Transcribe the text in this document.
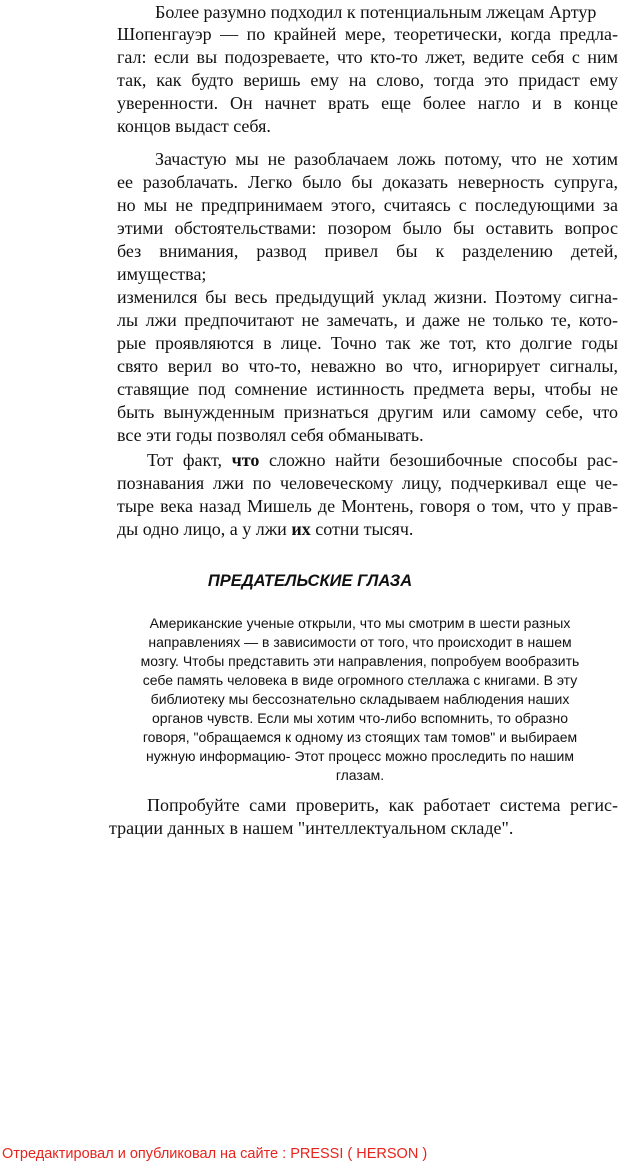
Более разумно подходил к потенциальным лжецам Артур
Шопенгауэр — по крайней мере, теоретически, когда предла-
гал: если вы подозреваете, что кто-то лжет, ведите себя с ним
так, как будто веришь ему на слово, тогда это придаст ему
уверенности. Он начнет врать еще более нагло и в конце
концов выдаст себя.
Зачастую мы не разоблачаем ложь потому, что не хотим
ее разоблачать. Легко было бы доказать неверность супруга,
но мы не предпринимаем этого, считаясь с последующими за
этими обстоятельствами: позором было бы оставить вопрос
без внимания, развод привел бы к разделению детей,
имущества;
изменился бы весь предыдущий уклад жизни. Поэтому сигна-
лы лжи предпочитают не замечать, и даже не только те, кото-
рые проявляются в лице. Точно так же тот, кто долгие годы
свято верил во что-то, неважно во что, игнорирует сигналы,
ставящие под сомнение истинность предмета веры, чтобы не
быть вынужденным признаться другим или самому себе, что
все эти годы позволял себя обманывать.
Тот факт, что сложно найти безошибочные способы рас-
познавания лжи по человеческому лицу, подчеркивал еще че-
тыре века назад Мишель де Монтень, говоря о том, что у прав-
ды одно лицо, а у лжи их сотни тысяч.
ПРЕДАТЕЛЬСКИЕ ГЛАЗА
Американские ученые открыли, что мы смотрим в шести разных
направлениях — в зависимости от того, что происходит в нашем
мозгу. Чтобы представить эти направления, попробуем вообразить
себе память человека в виде огромного стеллажа с книгами. В эту
библиотеку мы бессознательно складываем наблюдения наших
органов чувств. Если мы хотим что-либо вспомнить, то образно
говоря, "обращаемся к одному из стоящих там томов" и выбираем
нужную информацию- Этот процесс можно проследить по нашим
глазам.
Попробуйте сами проверить, как работает система регис-
трации данных в нашем "интеллектуальном складе".
Отредактировал и опубликовал на сайте : PRESSI ( HERSON )
